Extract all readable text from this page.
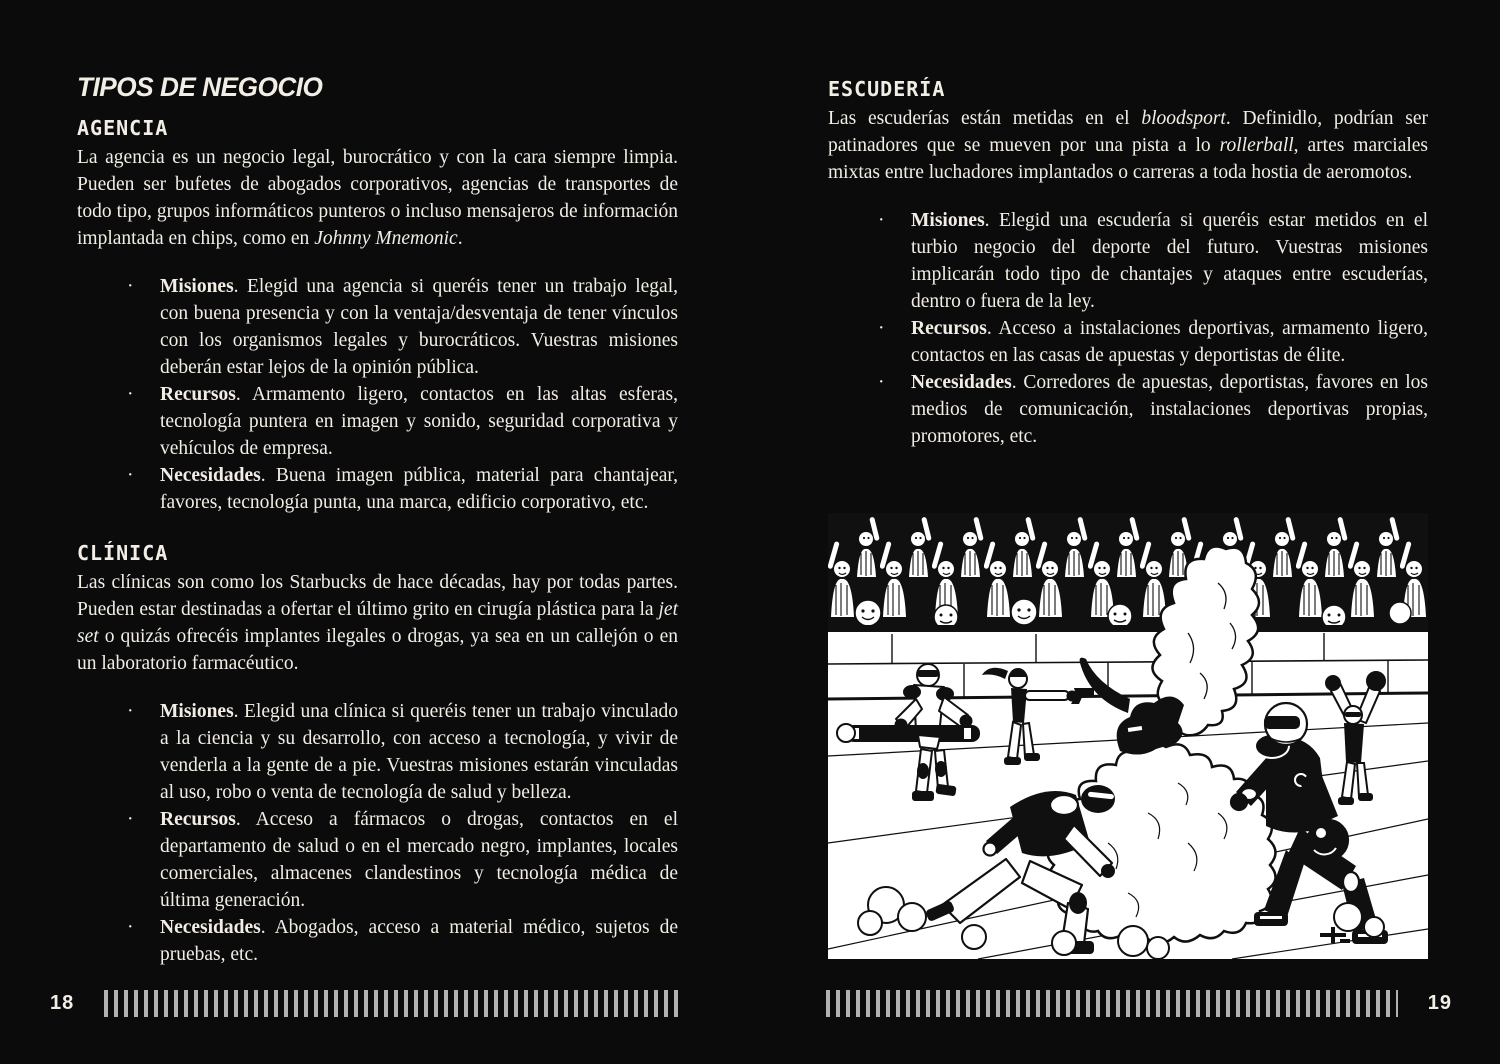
TIPOS DE NEGOCIO
AGENCIA

La agencia es un negocio legal, burocrático y con la cara siempre limpia. Pueden ser bufetes de abogados corporativos, agencias de transportes de todo tipo, grupos informáticos punteros o incluso mensajeros de información implantada en chips, como en Johnny Mnemonic.

·	Misiones. Elegid una agencia si queréis tener un trabajo legal, con buena presencia y con la ventaja/desventaja de tener vínculos con los organismos legales y burocráticos. Vuestras misiones deberán estar lejos de la opinión pública.
·	Recursos. Armamento ligero, contactos en las altas esferas, tecnología puntera en imagen y sonido, seguridad corporativa y vehículos de empresa.
·	Necesidades. Buena imagen pública, material para chantajear, favores, tecnología punta, una marca, edificio corporativo, etc.
CLÍNICA

Las clínicas son como los Starbucks de hace décadas, hay por todas partes. Pueden estar destinadas a ofertar el último grito en cirugía plástica para la jet set o quizás ofrecéis implantes ilegales o drogas, ya sea en un callejón o en un laboratorio farmacéutico.

·	Misiones. Elegid una clínica si queréis tener un trabajo vinculado a la ciencia y su desarrollo, con acceso a tecnología, y vivir de venderla a la gente de a pie. Vuestras misiones estarán vinculadas al uso, robo o venta de tecnología de salud y belleza.
·	Recursos. Acceso a fármacos o drogas, contactos en el departamento de salud o en el mercado negro, implantes, locales comerciales, almacenes clandestinos y tecnología médica de última generación.
·	Necesidades. Abogados, acceso a material médico, sujetos de pruebas, etc.
18
ESCUDERÍA

Las escuderías están metidas en el bloodsport. Definidlo, podrían ser patinadores que se mueven por una pista a lo rollerball, artes marciales mixtas entre luchadores implantados o carreras a toda hostia de aeromotos.

·	Misiones. Elegid una escudería si queréis estar metidos en el turbio negocio del deporte del futuro. Vuestras misiones implicarán todo tipo de chantajes y ataques entre escuderías, dentro o fuera de la ley.
·	Recursos. Acceso a instalaciones deportivas, armamento ligero, contactos en las casas de apuestas y deportistas de élite.
·	Necesidades. Corredores de apuestas, deportistas, favores en los medios de comunicación, instalaciones deportivas propias, promotores, etc.
19
